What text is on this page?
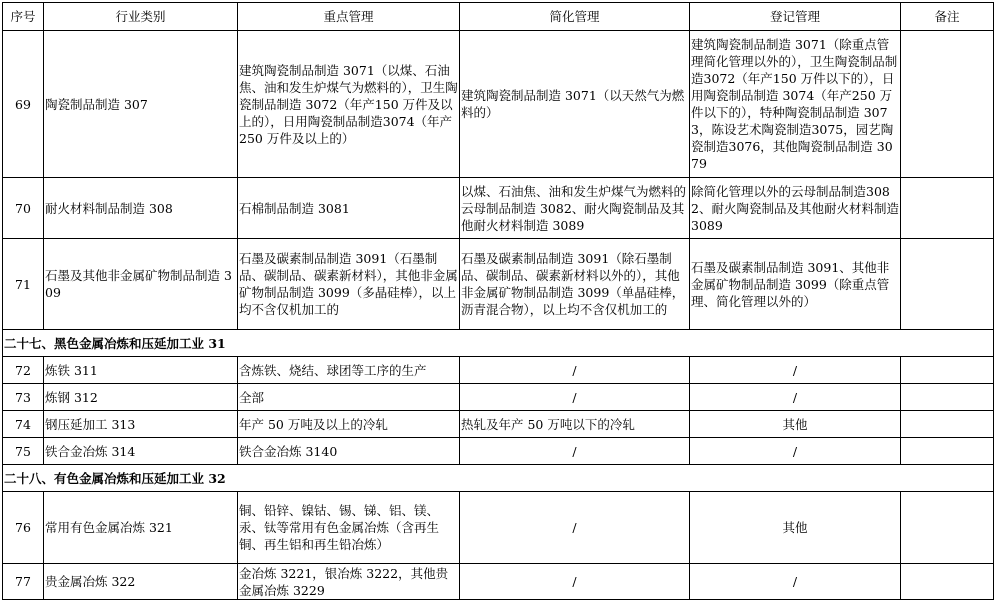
序号	行业类别	重点管理	简化管理	登记管理	备注
69	陶瓷制品制造 307	建筑陶瓷制品制造 3071（以煤、石油焦、油和发生炉煤气为燃料的），卫生陶瓷制品制造 3072（年产150 万件及以上的），日用陶瓷制品制造3074（年产250 万件及以上的）	建筑陶瓷制品制造 3071（以天然气为燃料的）	建筑陶瓷制品制造 3071（除重点管理简化管理以外的），卫生陶瓷制品制造3072（年产150 万件以下的），日用陶瓷制品制造 3074（年产250 万件以下的），特种陶瓷制品制造 3073，陈设艺术陶瓷制造3075，园艺陶瓷制造3076，其他陶瓷制品制造 3079	
70	耐火材料制品制造 308	石棉制品制造 3081	以煤、石油焦、油和发生炉煤气为燃料的云母制品制造 3082、耐火陶瓷制品及其他耐火材料制造 3089	除简化管理以外的云母制品制造3082、耐火陶瓷制品及其他耐火材料制造 3089	
71	石墨及其他非金属矿物制品制造 309	石墨及碳素制品制造 3091（石墨制品、碳制品、碳素新材料），其他非金属矿物制品制造 3099（多晶硅棒），以上均不含仅机加工的	石墨及碳素制品制造 3091（除石墨制品、碳制品、碳素新材料以外的），其他非金属矿物制品制造 3099（单晶硅棒，沥青混合物），以上均不含仅机加工的	石墨及碳素制品制造 3091、其他非金属矿物制品制造 3099（除重点管理、简化管理以外的）	
二十七、黑色金属冶炼和压延加工业 31					
72	炼铁 311	含炼铁、烧结、球团等工序的生产	/	/	
73	炼钢 312	全部	/	/	
74	钢压延加工 313	年产 50 万吨及以上的冷轧	热轧及年产 50 万吨以下的冷轧	其他	
75	铁合金冶炼 314	铁合金冶炼 3140	/	/	
二十八、有色金属冶炼和压延加工业 32					
76	常用有色金属冶炼 321	铜、铅锌、镍钴、锡、锑、铝、镁、汞、钛等常用有色金属冶炼（含再生铜、再生铝和再生铅冶炼）	/	其他	
77	贵金属冶炼 322	金冶炼 3221，银冶炼 3222，其他贵金属冶炼 3229	/	/	
